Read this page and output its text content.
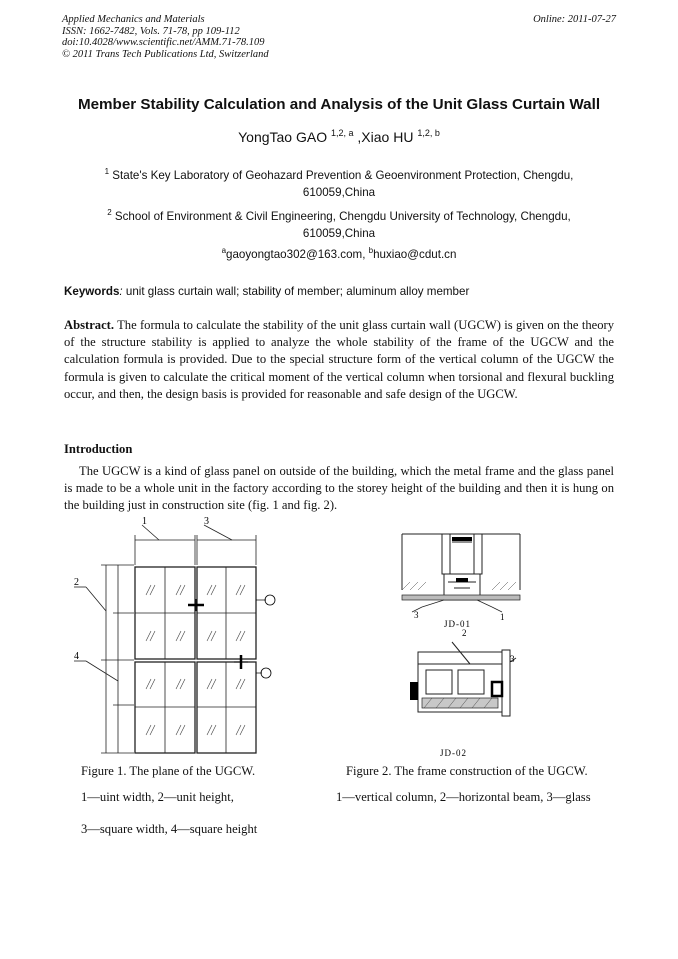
Applied Mechanics and Materials
ISSN: 1662-7482, Vols. 71-78, pp 109-112
doi:10.4028/www.scientific.net/AMM.71-78.109
© 2011 Trans Tech Publications Ltd, Switzerland
Online: 2011-07-27
Member Stability Calculation and Analysis of the Unit Glass Curtain Wall
YongTao GAO $^{1,2, a}$ ,Xiao HU $^{1,2, b}$
$^1$ State's Key Laboratory of Geohazard Prevention & Geoenvironment Protection, Chengdu,
610059,China
$^2$ School of Environment & Civil Engineering, Chengdu University of Technology, Chengdu,
610059,China
$^a$gaoyongtao302@163.com, $^b$huxiao@cdut.cn
Keywords: unit glass curtain wall; stability of member; aluminum alloy member
Abstract. The formula to calculate the stability of the unit glass curtain wall (UGCW) is given on the theory of the structure stability is applied to analyze the whole stability of the frame of the UGCW and the calculation formula is provided. Due to the special structure form of the vertical column of the UGCW the formula is given to calculate the critical moment of the vertical column when torsional and flexural buckling occur, and then, the design basis is provided for reasonable and safe design of the UGCW.
Introduction
The UGCW is a kind of glass panel on outside of the building, which the metal frame and the glass panel is made to be a whole unit in the factory according to the storey height of the building and then it is hung on the building just in construction site (fig. 1 and fig. 2).
1	3
2
4
3	1
JD-01
2
3
JD-02
Figure 1. The plane of the UGCW.	Figure 2. The frame construction of the UGCW.
1—uint width, 2—unit height,	1—vertical column, 2—horizontal beam, 3—glass
3—square width, 4—square height
